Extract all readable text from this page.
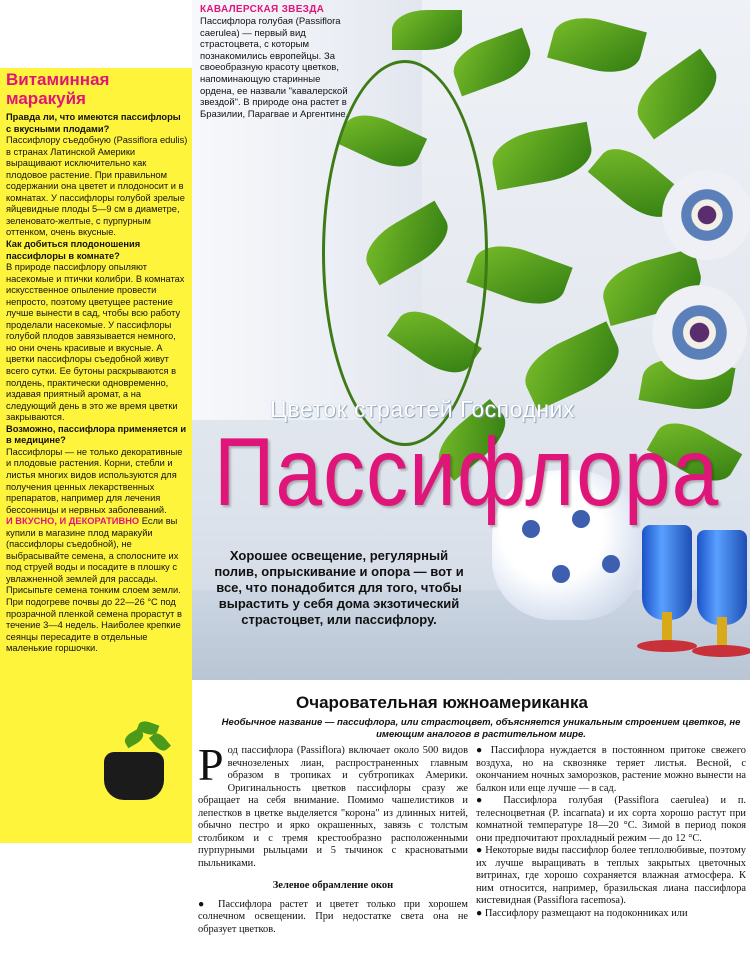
КАВАЛЕРСКАЯ ЗВЕЗДА
Пассифлора голубая (Passiflora caerulea) — первый вид страстоцвета, с которым познакомились европейцы. За своеобразную красоту цветков, напоминающую старинные ордена, ее назвали "кавалерской звездой". В природе она растет в Бразилии, Парагвае и Аргентине.
Цветок страстей Господних
Пассифлора
Хорошее освещение, регулярный полив, опрыскивание и опора — вот и все, что понадобится для того, чтобы вырастить у себя дома экзотический страстоцвет, или пассифлору.
Витаминная маракуйя

Правда ли, что имеются пассифлоры с вкусными плодами?

Пассифлору съедобную (Passiflora edulis) в странах Латинской Америки выращивают исключительно как плодовое растение. При правильном содержании она цветет и плодоносит и в комнатах. У пассифлоры голубой зрелые яйцевидные плоды 5—9 см в диаметре, зеленовато-желтые, с пурпурным оттенком, очень вкусные.

Как добиться плодоношения пассифлоры в комнате?

В природе пассифлору опыляют насекомые и птички колибри. В комнатах искусственное опыление провести непросто, поэтому цветущее растение лучше вынести в сад, чтобы всю работу проделали насекомые. У пассифлоры голубой плодов завязывается немного, но они очень красивые и вкусные. А цветки пассифлоры съедобной живут всего сутки. Ее бутоны раскрываются в полдень, практически одновременно, издавая приятный аромат, а на следующий день в это же время цветки закрываются.

Возможно, пассифлора применяется и в медицине?

Пассифлоры — не только декоративные и плодовые растения. Корни, стебли и листья многих видов используются для получения ценных лекарственных препаратов, например для лечения бессонницы и нервных заболеваний.

И ВКУСНО, И ДЕКОРАТИВНО Если вы купили в магазине плод маракуйи (пассифлоры съедобной), не выбрасывайте семена, а сполосните их под струей воды и посадите в плошку с увлажненной землей для рассады. Присыпьте семена тонким слоем земли. При подогреве почвы до 22—26 °С под прозрачной пленкой семена прорастут в течение 3—4 недель. Наиболее крепкие сеянцы пересадите в отдельные маленькие горшочки.

Очаровательная южноамериканка
Необычное название — пассифлора, или страстоцвет, объясняется уникальным строением цветков, не имеющим аналогов в растительном мире.

Род пассифлора (Passiflora) включает около 500 видов вечнозеленых лиан, распространенных главным образом в тропиках и субтропиках Америки. Оригинальность цветков пассифлоры сразу же обращает на себя внимание. Помимо чашелистиков и лепестков в цветке выделяется "корона" из длинных нитей, обычно пестро и ярко окрашенных, завязь с толстым столбиком и с тремя крестообразно расположенными пурпурными рыльцами и 5 тычинок с красноватыми пыльниками.

Зеленое обрамление окон

● Пассифлора растет и цветет только при хорошем солнечном освещении. При недостатке света она не образует цветков.

● Пассифлора нуждается в постоянном притоке свежего воздуха, но на сквозняке теряет листья. Весной, с окончанием ночных заморозков, растение можно вынести на балкон или еще лучше — в сад.

● Пассифлора голубая (Passiflora caerulea) и п. телесноцветная (P. incarnata) и их сорта хорошо растут при комнатной температуре 18—20 °С. Зимой в период покоя они предпочитают прохладный режим — до 12 °С.

● Некоторые виды пассифлор более теплолюбивые, поэтому их лучше выращивать в теплых закрытых цветочных витринах, где хорошо сохраняется влажная атмосфера. К ним относится, например, бразильская лиана пассифлора кистевидная (Passiflora racemosa).

● Пассифлору размещают на подоконниках или
